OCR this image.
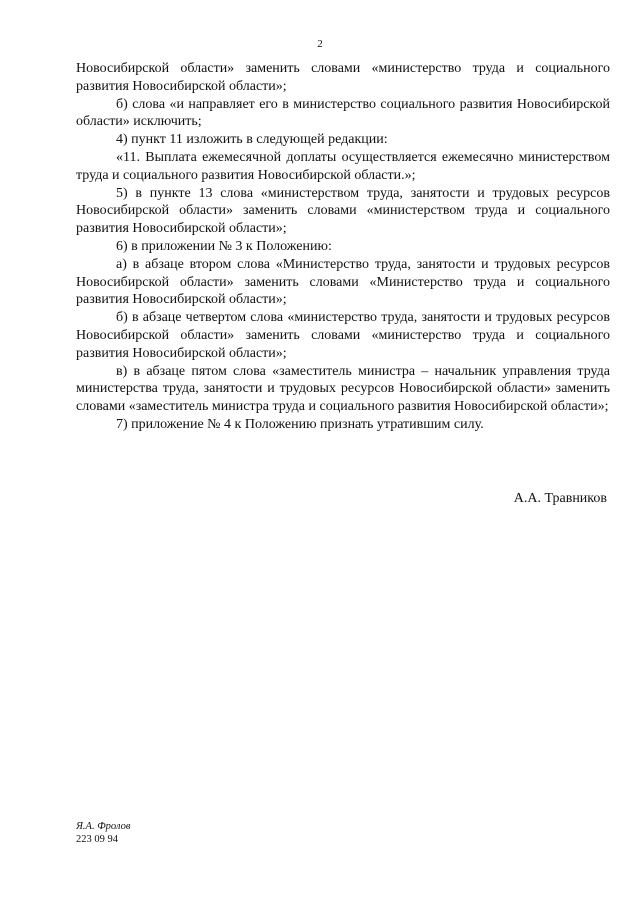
2

Новосибирской области» заменить словами «министерство труда и социального развития Новосибирской области»;

б) слова «и направляет его в министерство социального развития Новосибирской области» исключить;

4) пункт 11 изложить в следующей редакции:

«11. Выплата ежемесячной доплаты осуществляется ежемесячно министерством труда и социального развития Новосибирской области.»;

5) в пункте 13 слова «министерством труда, занятости и трудовых ресурсов Новосибирской области» заменить словами «министерством труда и социального развития Новосибирской области»;

6) в приложении № 3 к Положению:

а) в абзаце втором слова «Министерство труда, занятости и трудовых ресурсов Новосибирской области» заменить словами «Министерство труда и социального развития Новосибирской области»;

б) в абзаце четвертом слова «министерство труда, занятости и трудовых ресурсов Новосибирской области» заменить словами «министерство труда и социального развития Новосибирской области»;

в) в абзаце пятом слова «заместитель министра – начальник управления труда министерства труда, занятости и трудовых ресурсов Новосибирской области» заменить словами «заместитель министра труда и социального развития Новосибирской области»;

7) приложение № 4 к Положению признать утратившим силу.

А.А. Травников
Я.А. Фролов
223 09 94
